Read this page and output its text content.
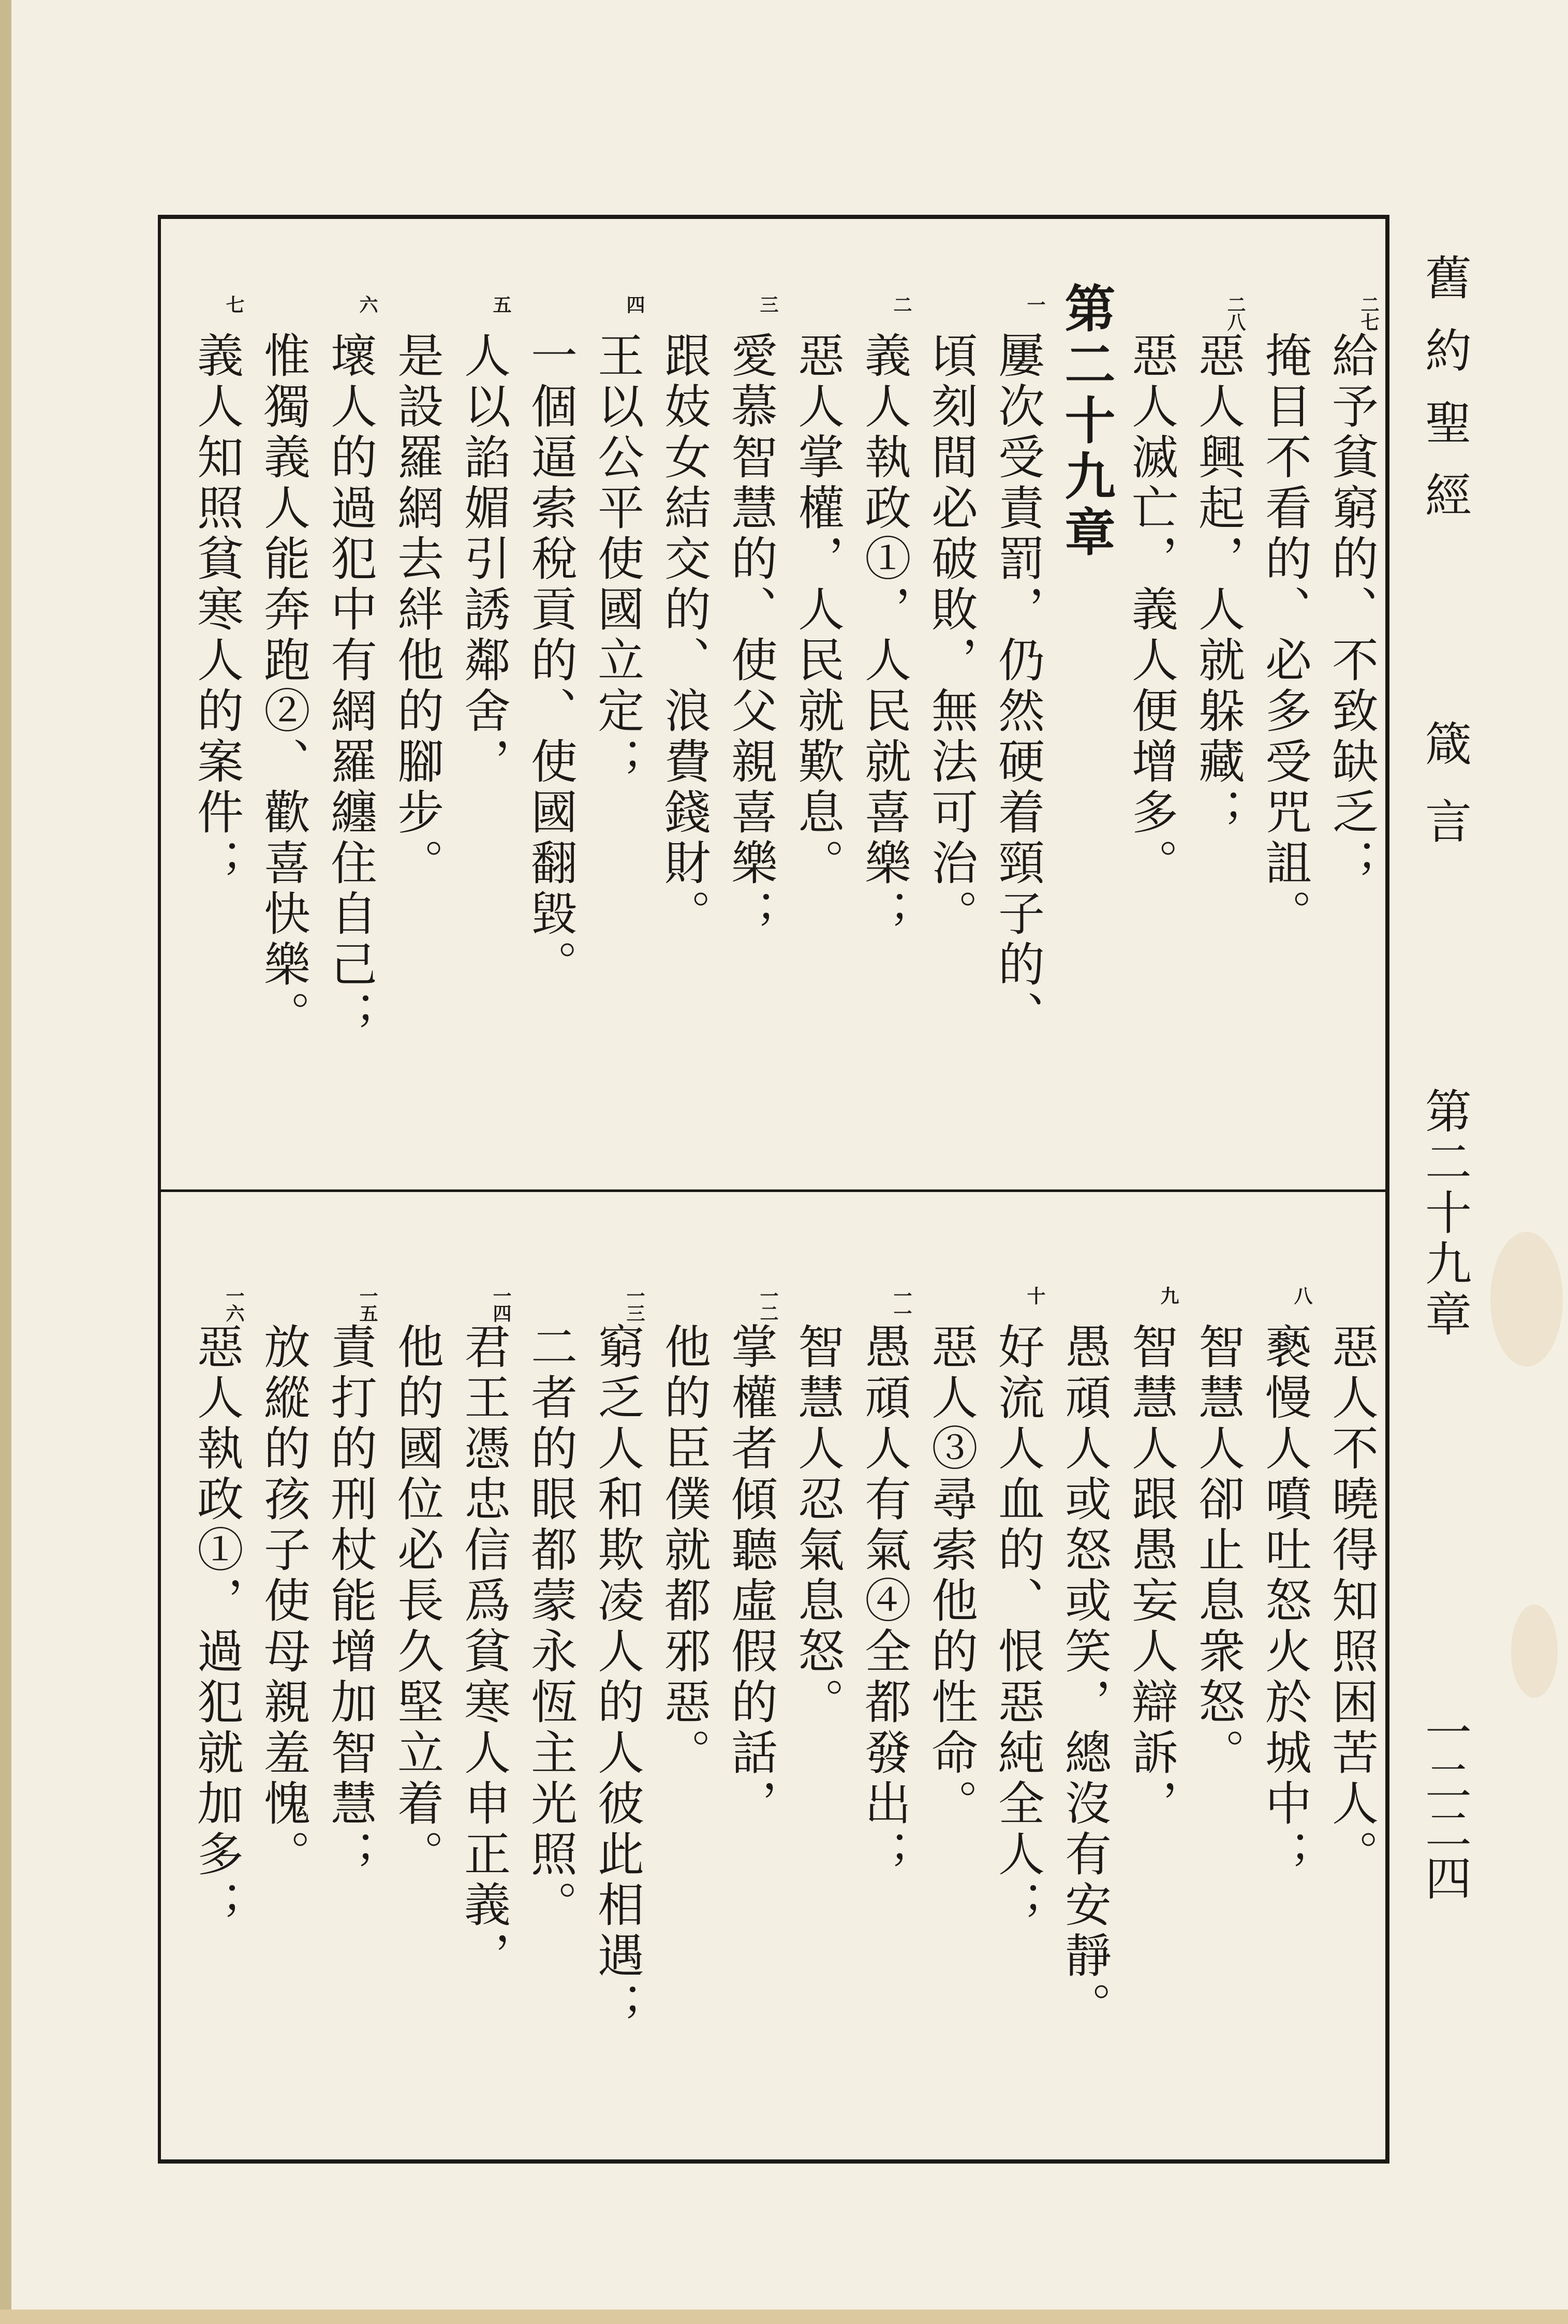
舊約聖經
箴言
第二十九章
一二二四
給予貧窮的、不致缺乏；
二七
掩目不看的、必多受咒詛。
惡人興起，人就躲藏；
二八
惡人滅亡，義人便增多。
第二十九章
屢次受責罰，仍然硬着頸子的、
一
頃刻間必破敗，無法可治。
義人執政①，人民就喜樂；
二
惡人掌權，人民就歎息。
愛慕智慧的、使父親喜樂；
三
跟妓女結交的、浪費錢財。
王以公平使國立定；
四
一個逼索稅貢的、使國翻毀。
人以諂媚引誘鄰舍，
五
是設羅網去絆他的腳步。
壞人的過犯中有網羅纏住自己；
六
惟獨義人能奔跑②、歡喜快樂。
義人知照貧寒人的案件；
七
惡人不曉得知照困苦人。
褻慢人噴吐怒火於城中；
八
智慧人卻止息衆怒。
智慧人跟愚妄人辯訴，
九
愚頑人或怒或笑，總沒有安靜。
好流人血的、恨惡純全人；
十
惡人③尋索他的性命。
愚頑人有氣④全都發出；
一一
智慧人忍氣息怒。
掌權者傾聽虛假的話，
一二
他的臣僕就都邪惡。
窮乏人和欺凌人的人彼此相遇；
一三
二者的眼都蒙永恆主光照。
君王憑忠信爲貧寒人申正義，
一四
他的國位必長久堅立着。
責打的刑杖能增加智慧；
一五
放縱的孩子使母親羞愧。
惡人執政①，過犯就加多；
一六
